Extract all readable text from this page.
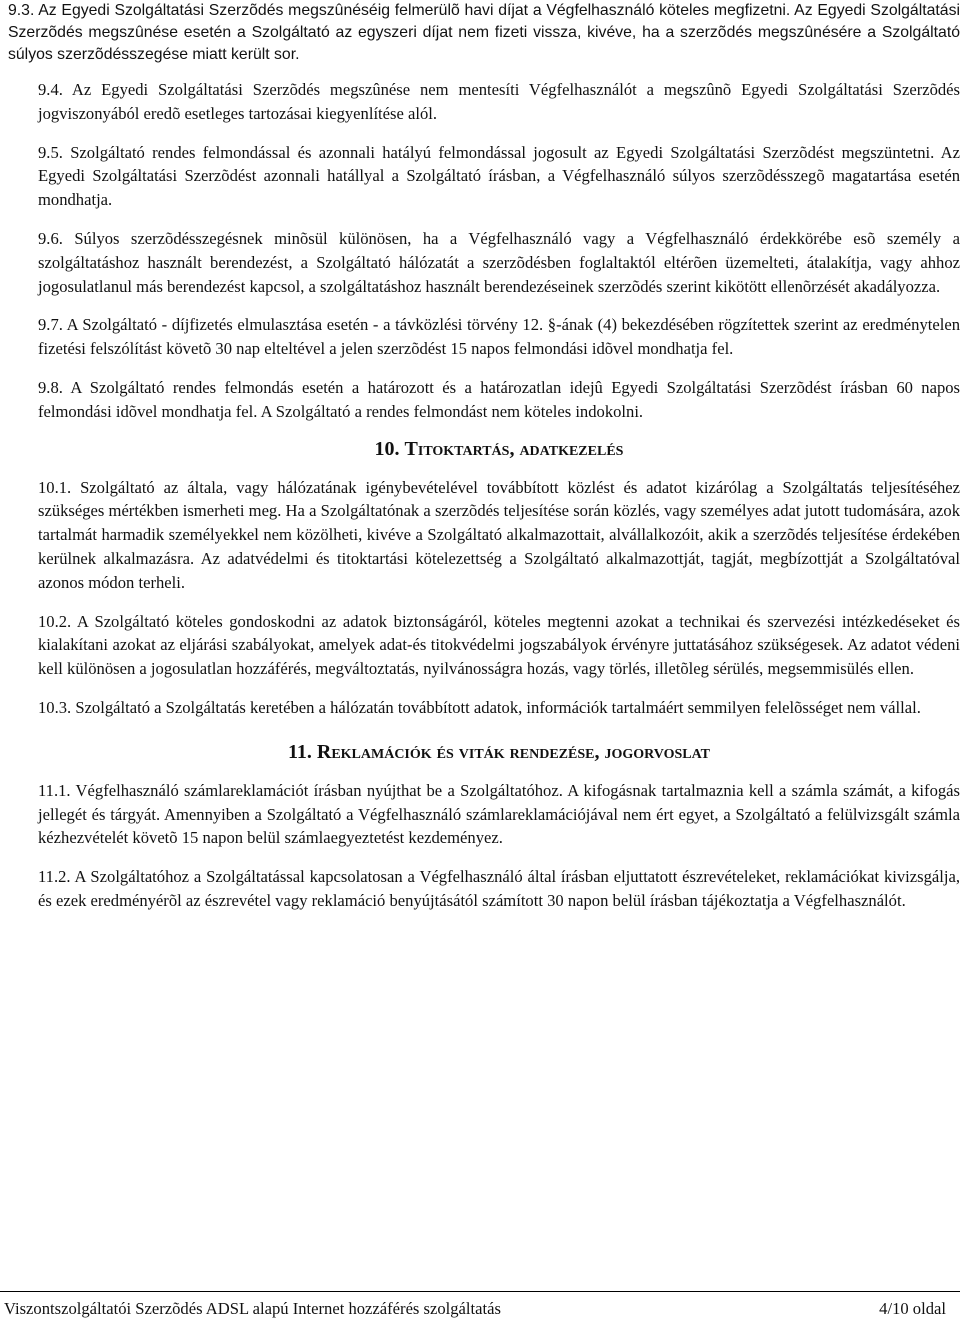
9.3. Az Egyedi Szolgáltatási Szerzõdés megszûnéséig felmerülõ havi díjat a Végfelhasználó köteles megfizetni. Az Egyedi Szolgáltatási Szerzõdés megszûnése esetén a Szolgáltató az egyszeri díjat nem fizeti vissza, kivéve, ha a szerzõdés megszûnésére a Szolgáltató súlyos szerzõdésszegése miatt került sor.

9.4. Az Egyedi Szolgáltatási Szerzõdés megszûnése nem mentesíti Végfelhasználót a megszûnõ Egyedi Szolgáltatási Szerzõdés jogviszonyából eredõ esetleges tartozásai kiegyenlítése alól.

9.5. Szolgáltató rendes felmondással és azonnali hatályú felmondással jogosult az Egyedi Szolgáltatási Szerzõdést megszüntetni. Az Egyedi Szolgáltatási Szerzõdést azonnali hatállyal a Szolgáltató írásban, a Végfelhasználó súlyos szerzõdésszegõ magatartása esetén mondhatja.

9.6. Súlyos szerzõdésszegésnek minõsül különösen, ha a Végfelhasználó vagy a Végfelhasználó érdekkörébe esõ személy a szolgáltatáshoz használt berendezést, a Szolgáltató hálózatát a szerzõdésben foglaltaktól eltérõen üzemelteti, átalakítja, vagy ahhoz jogosulatlanul más berendezést kapcsol, a szolgáltatáshoz használt berendezéseinek szerzõdés szerint kikötött ellenõrzését akadályozza.

9.7. A Szolgáltató - díjfizetés elmulasztása esetén - a távközlési törvény 12. §-ának (4) bekezdésében rögzítettek szerint az eredménytelen fizetési felszólítást követõ 30 nap elteltével a jelen szerzõdést 15 napos felmondási idõvel mondhatja fel.

9.8. A Szolgáltató rendes felmondás esetén a határozott és a határozatlan idejû Egyedi Szolgáltatási Szerzõdést írásban 60 napos felmondási idõvel mondhatja fel. A Szolgáltató a rendes felmondást nem köteles indokolni.

10. Titoktartás, adatkezelés

10.1. Szolgáltató az általa, vagy hálózatának igénybevételével továbbított közlést és adatot kizárólag a Szolgáltatás teljesítéséhez szükséges mértékben ismerheti meg. Ha a Szolgáltatónak a szerzõdés teljesítése során közlés, vagy személyes adat jutott tudomására, azok tartalmát harmadik személyekkel nem közölheti, kivéve a Szolgáltató alkalmazottait, alvállalkozóit, akik a szerzõdés teljesítése érdekében kerülnek alkalmazásra. Az adatvédelmi és titoktartási kötelezettség a Szolgáltató alkalmazottját, tagját, megbízottját a Szolgáltatóval azonos módon terheli.

10.2. A Szolgáltató köteles gondoskodni az adatok biztonságáról, köteles megtenni azokat a technikai és szervezési intézkedéseket és kialakítani azokat az eljárási szabályokat, amelyek adat-és titokvédelmi jogszabályok érvényre juttatásához szükségesek. Az adatot védeni kell különösen a jogosulatlan hozzáférés, megváltoztatás, nyilvánosságra hozás, vagy törlés, illetõleg sérülés, megsemmisülés ellen.

10.3. Szolgáltató a Szolgáltatás keretében a hálózatán továbbított adatok, információk tartalmáért semmilyen felelõsséget nem vállal.

11. Reklamációk és viták rendezése, jogorvoslat

11.1. Végfelhasználó számlareklamációt írásban nyújthat be a Szolgáltatóhoz. A kifogásnak tartalmaznia kell a számla számát, a kifogás jellegét és tárgyát. Amennyiben a Szolgáltató a Végfelhasználó számlareklamációjával nem ért egyet, a Szolgáltató a felülvizsgált számla kézhezvételét követõ 15 napon belül számlaegyeztetést kezdeményez.

11.2. A Szolgáltatóhoz a Szolgáltatással kapcsolatosan a Végfelhasználó által írásban eljuttatott észrevételeket, reklamációkat kivizsgálja, és ezek eredményérõl az észrevétel vagy reklamáció benyújtásától számított 30 napon belül írásban tájékoztatja a Végfelhasználót.

Viszontszolgáltatói Szerzõdés ADSL alapú Internet hozzáférés szolgáltatás	4/10 oldal
